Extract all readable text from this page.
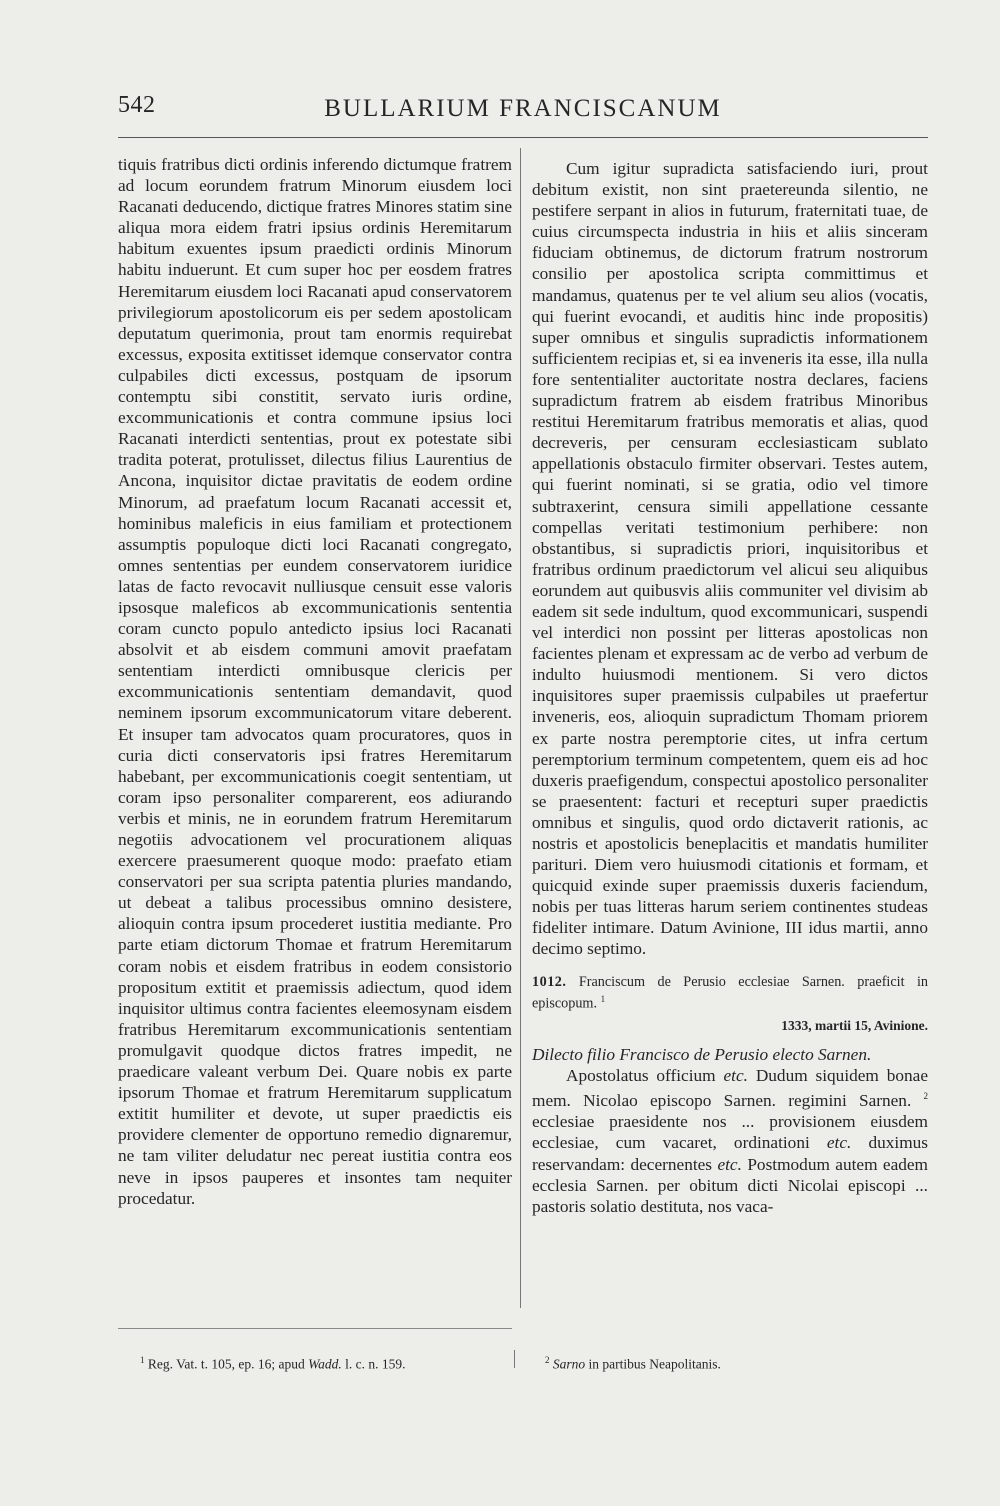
542	BULLARIUM FRANCISCANUM

tiquis fratribus dicti ordinis inferendo dictumque fratrem ad locum eorundem fratrum Minorum eiusdem loci Racanati deducendo, dictique fratres Minores statim sine aliqua mora eidem fratri ipsius ordinis Heremitarum habitum exuentes ipsum praedicti ordinis Minorum habitu induerunt. Et cum super hoc per eosdem fratres Heremitarum eiusdem loci Racanati apud conservatorem privilegiorum apostolicorum eis per sedem apostolicam deputatum querimonia, prout tam enormis requirebat excessus, exposita extitisset idemque conservator contra culpabiles dicti excessus, postquam de ipsorum contemptu sibi constitit, servato iuris ordine, excommunicationis et contra commune ipsius loci Racanati interdicti sententias, prout ex potestate sibi tradita poterat, protulisset, dilectus filius Laurentius de Ancona, inquisitor dictae pravitatis de eodem ordine Minorum, ad praefatum locum Racanati accessit et, hominibus maleficis in eius familiam et protectionem assumptis populoque dicti loci Racanati congregato, omnes sententias per eundem conservatorem iuridice latas de facto revocavit nulliusque censuit esse valoris ipsosque maleficos ab excommunicationis sententia coram cuncto populo antedicto ipsius loci Racanati absolvit et ab eisdem communi amovit praefatam sententiam interdicti omnibusque clericis per excommunicationis sententiam demandavit, quod neminem ipsorum excommunicatorum vitare deberent. Et insuper tam advocatos quam procuratores, quos in curia dicti conservatoris ipsi fratres Heremitarum habebant, per excommunicationis coegit sententiam, ut coram ipso personaliter comparerent, eos adiurando verbis et minis, ne in eorundem fratrum Heremitarum negotiis advocationem vel procurationem aliquas exercere praesumerent quoque modo: praefato etiam conservatori per sua scripta patentia pluries mandando, ut debeat a talibus processibus omnino desistere, alioquin contra ipsum procederet iustitia mediante. Pro parte etiam dictorum Thomae et fratrum Heremitarum coram nobis et eisdem fratribus in eodem consistorio propositum extitit et praemissis adiectum, quod idem inquisitor ultimus contra facientes eleemosynam eisdem fratribus Heremitarum excommunicationis sententiam promulgavit quodque dictos fratres impedit, ne praedicare valeant verbum Dei. Quare nobis ex parte ipsorum Thomae et fratrum Heremitarum supplicatum extitit humiliter et devote, ut super praedictis eis providere clementer de opportuno remedio dignaremur, ne tam viliter deludatur nec pereat iustitia contra eos neve in ipsos pauperes et insontes tam nequiter procedatur.

Cum igitur supradicta satisfaciendo iuri, prout debitum existit, non sint praetereunda silentio, ne pestifere serpant in alios in futurum, fraternitati tuae, de cuius circumspecta industria in hiis et aliis sinceram fiduciam obtinemus, de dictorum fratrum nostrorum consilio per apostolica scripta committimus et mandamus, quatenus per te vel alium seu alios (vocatis, qui fuerint evocandi, et auditis hinc inde propositis) super omnibus et singulis supradictis informationem sufficientem recipias et, si ea inveneris ita esse, illa nulla fore sententialiter auctoritate nostra declares, faciens supradictum fratrem ab eisdem fratribus Minoribus restitui Heremitarum fratribus memoratis et alias, quod decreveris, per censuram ecclesiasticam sublato appellationis obstaculo firmiter observari. Testes autem, qui fuerint nominati, si se gratia, odio vel timore subtraxerint, censura simili appellatione cessante compellas veritati testimonium perhibere: non obstantibus, si supradictis priori, inquisitoribus et fratribus ordinum praedictorum vel alicui seu aliquibus eorundem aut quibusvis aliis communiter vel divisim ab eadem sit sede indultum, quod excommunicari, suspendi vel interdici non possint per litteras apostolicas non facientes plenam et expressam ac de verbo ad verbum de indulto huiusmodi mentionem. Si vero dictos inquisitores super praemissis culpabiles ut praefertur inveneris, eos, alioquin supradictum Thomam priorem ex parte nostra peremptorie cites, ut infra certum peremptorium terminum competentem, quem eis ad hoc duxeris praefigendum, conspectui apostolico personaliter se praesentent: facturi et recepturi super praedictis omnibus et singulis, quod ordo dictaverit rationis, ac nostris et apostolicis beneplacitis et mandatis humiliter parituri. Diem vero huiusmodi citationis et formam, et quicquid exinde super praemissis duxeris faciendum, nobis per tuas litteras harum seriem continentes studeas fideliter intimare. Datum Avinione, III idus martii, anno decimo septimo.

1012. Franciscum de Perusio ecclesiae Sarnen. praeficit in episcopum. $^1$
1333, martii 15, Avinione.

Dilecto filio Francisco de Perusio electo Sarnen.

Apostolatus officium etc. Dudum siquidem bonae mem. Nicolao episcopo Sarnen. regimini Sarnen. $^2$ ecclesiae praesidente nos ... provisionem eiusdem ecclesiae, cum vacaret, ordinationi etc. duximus reservandam: decernentes etc. Postmodum autem eadem ecclesia Sarnen. per obitum dicti Nicolai episcopi ... pastoris solatio destituta, nos vaca-

$^1$ Reg. Vat. t. 105, ep. 16; apud Wadd. l. c. n. 159.	$^2$ Sarno in partibus Neapolitanis.
